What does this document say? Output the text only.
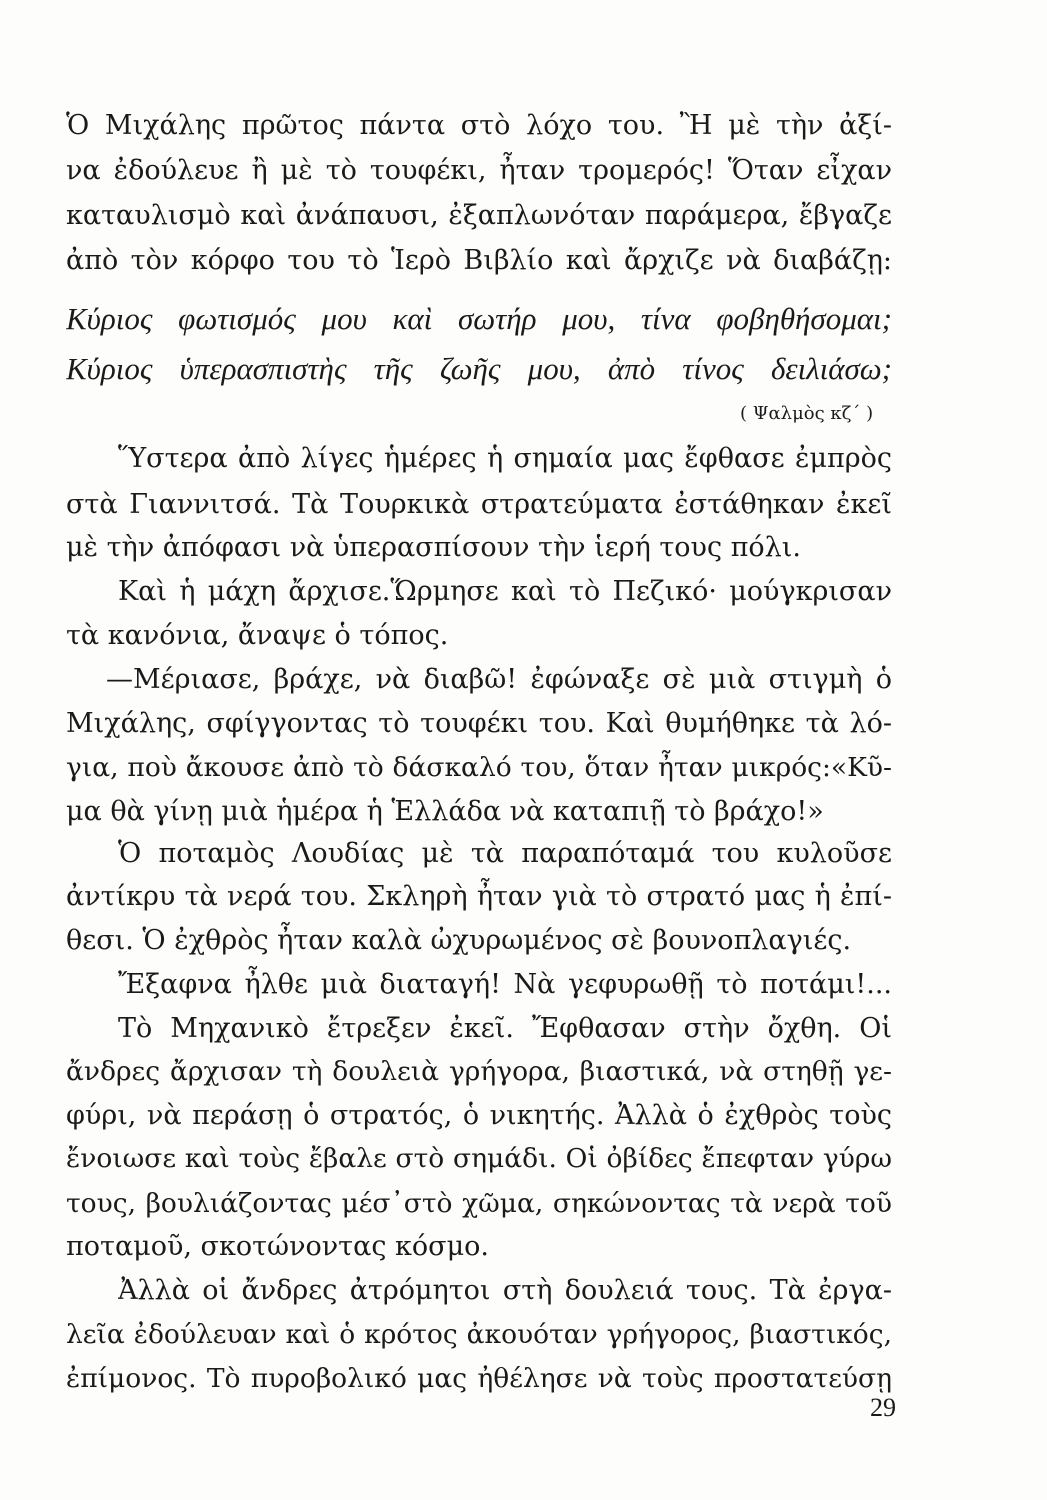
Ὁ Μιχάλης πρῶτος πάντα στὸ λόχο του. Ἢ μὲ τὴν ἀξί-
να ἐδούλευε ἢ μὲ τὸ τουφέκι, ἦταν τρομερός! Ὅταν εἶχαν
καταυλισμὸ καὶ ἀνάπαυσι, ἐξαπλωνόταν παράμερα, ἔβγαζε
ἀπὸ τὸν κόρφο του τὸ Ἱερὸ Βιβλίο καὶ ἄρχιζε νὰ διαβάζῃ:
Κύριος φωτισμός μου καὶ σωτήρ μου, τίνα φοβηθήσομαι;
Κύριος ὑπερασπιστὴς τῆς ζωῆς μου, ἀπὸ τίνος δειλιάσω;
( Ψαλμὸς κζ΄ )
Ὕστερα ἀπὸ λίγες ἡμέρες ἡ σημαία μας ἔφθασε ἐμπρὸς
στὰ Γιαννιτσά. Τὰ Τουρκικὰ στρατεύματα ἐστάθηκαν ἐκεῖ
μὲ τὴν ἀπόφασι νὰ ὑπερασπίσουν τὴν ἱερή τους πόλι.
Καὶ ἡ μάχη ἄρχισε.Ὥρμησε καὶ τὸ Πεζικό· μούγκρισαν
τὰ κανόνια, ἄναψε ὁ τόπος.
—Μέριασε, βράχε, νὰ διαβῶ! ἐφώναξε σὲ μιὰ στιγμὴ ὁ
Μιχάλης, σφίγγοντας τὸ τουφέκι του. Καὶ θυμήθηκε τὰ λό-
για, ποὺ ἄκουσε ἀπὸ τὸ δάσκαλό του, ὅταν ἦταν μικρός:«Κῦ-
μα θὰ γίνῃ μιὰ ἡμέρα ἡ Ἑλλάδα νὰ καταπιῇ τὸ βράχο!»
Ὁ ποταμὸς Λουδίας μὲ τὰ παραπόταμά του κυλοῦσε
ἀντίκρυ τὰ νερά του. Σκληρὴ ἦταν γιὰ τὸ στρατό μας ἡ ἐπί-
θεσι. Ὁ ἐχθρὸς ἦταν καλὰ ὠχυρωμένος σὲ βουνοπλαγιές.
Ἔξαφνα ἦλθε μιὰ διαταγή! Νὰ γεφυρωθῇ τὸ ποτάμι!...
Τὸ Μηχανικὸ ἔτρεξεν ἐκεῖ. Ἔφθασαν στὴν ὄχθη. Οἱ
ἄνδρες ἄρχισαν τὴ δουλειὰ γρήγορα, βιαστικά, νὰ στηθῇ γε-
φύρι, νὰ περάσῃ ὁ στρατός, ὁ νικητής. Ἀλλὰ ὁ ἐχθρὸς τοὺς
ἔνοιωσε καὶ τοὺς ἔβαλε στὸ σημάδι. Οἱ ὀβίδες ἔπεφταν γύρω
τους, βουλιάζοντας μέσ᾽στὸ χῶμα, σηκώνοντας τὰ νερὰ τοῦ
ποταμοῦ, σκοτώνοντας κόσμο.
Ἀλλὰ οἱ ἄνδρες ἀτρόμητοι στὴ δουλειά τους. Τὰ ἐργα-
λεῖα ἐδούλευαν καὶ ὁ κρότος ἀκουόταν γρήγορος, βιαστικός,
ἐπίμονος. Τὸ πυροβολικό μας ἠθέλησε νὰ τοὺς προστατεύσῃ
29
